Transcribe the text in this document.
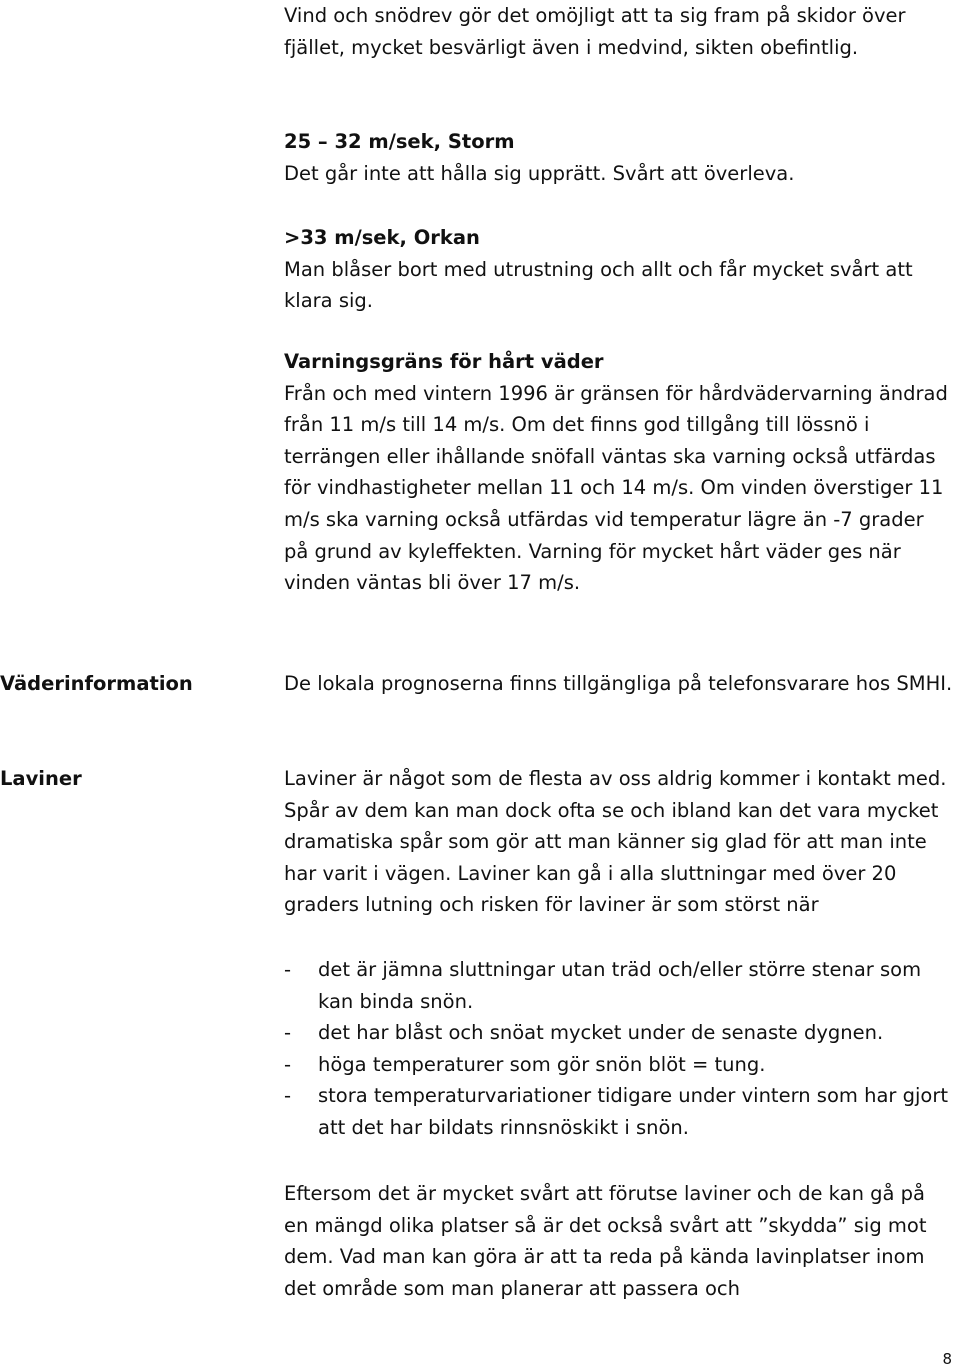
Vind och snödrev gör det omöjligt att ta sig fram på skidor över fjället, mycket besvärligt även i medvind, sikten obefintlig.

25 – 32 m/sek, Storm
Det går inte att hålla sig upprätt. Svårt att överleva.
>33 m/sek, Orkan
Man blåser bort med utrustning och allt och får mycket svårt att klara sig.
Varningsgräns för hårt väder
Från och med vintern 1996 är gränsen för hårdvädervarning ändrad från 11 m/s till 14 m/s. Om det finns god tillgång till lössnö i terrängen eller ihållande snöfall väntas ska varning också utfärdas för vindhastigheter mellan 11 och 14 m/s. Om vinden överstiger 11 m/s ska varning också utfärdas vid temperatur lägre än -7 grader på grund av kyleffekten. Varning för mycket hårt väder ges när vinden väntas bli över 17 m/s.
Väderinformation	De lokala prognoserna finns tillgängliga på telefonsvarare hos SMHI.

Laviner	Laviner är något som de flesta av oss aldrig kommer i kontakt med. Spår av dem kan man dock ofta se och ibland kan det vara mycket dramatiska spår som gör att man känner sig glad för att man inte har varit i vägen. Laviner kan gå i alla sluttningar med över 20 graders lutning och risken för laviner är som störst när

- det är jämna sluttningar utan träd och/eller större stenar som kan binda snön.
- det har blåst och snöat mycket under de senaste dygnen.
- höga temperaturer som gör snön blöt = tung.
- stora temperaturvariationer tidigare under vintern som har gjort att det har bildats rinnsnöskikt i snön.

Eftersom det är mycket svårt att förutse laviner och de kan gå på en mängd olika platser så är det också svårt att ”skydda” sig mot dem. Vad man kan göra är att ta reda på kända lavinplatser inom det område som man planerar att passera och

8
